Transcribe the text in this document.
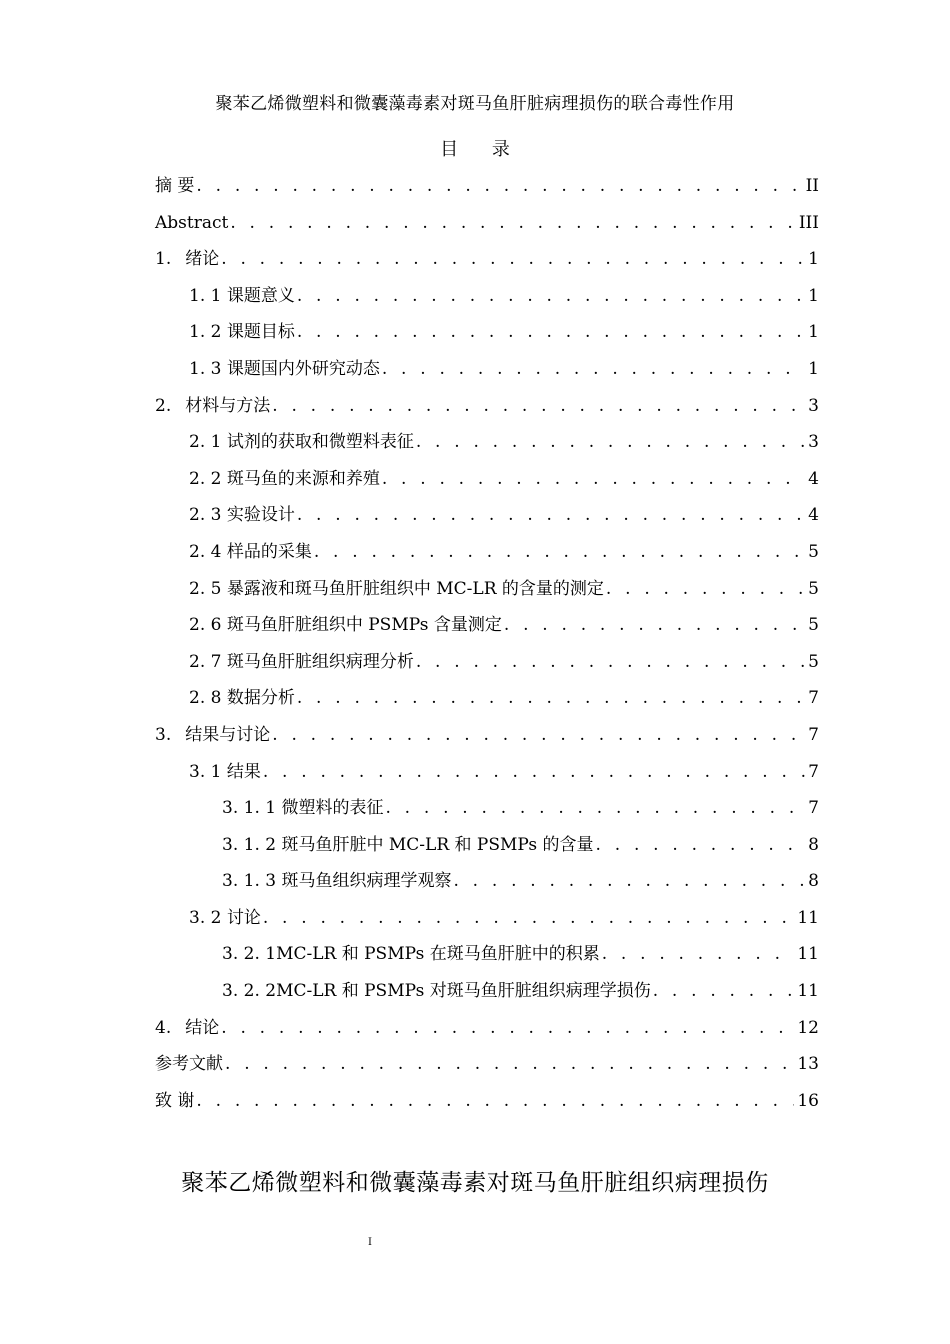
聚苯乙烯微塑料和微囊藻毒素对斑马鱼肝脏病理损伤的联合毒性作用
目 录
摘 要 . . .	II
Abstract . . .	III
1. 绪论 . . .	1
1. 1 课题意义 . . .	1
1. 2 课题目标 . . .	1
1. 3 课题国内外研究动态 . . .	1
2. 材料与方法 . . .	3
2. 1 试剂的获取和微塑料表征 . . .	3
2. 2 斑马鱼的来源和养殖 . . .	4
2. 3 实验设计 . . .	4
2. 4 样品的采集 . . .	5
2. 5 暴露液和斑马鱼肝脏组织中 MC-LR 的含量的测定 . . .	5
2. 6 斑马鱼肝脏组织中 PSMPs 含量测定 . . .	5
2. 7 斑马鱼肝脏组织病理分析 . . .	5
2. 8 数据分析 . . .	7
3. 结果与讨论 . . .	7
3. 1 结果 . . .	7
3. 1. 1 微塑料的表征 . . .	7
3. 1. 2 斑马鱼肝脏中 MC-LR 和 PSMPs 的含量 . . .	8
3. 1. 3 斑马鱼组织病理学观察 . . .	8
3. 2 讨论 . . .	11
3. 2. 1MC-LR 和 PSMPs 在斑马鱼肝脏中的积累 . . .	11
3. 2. 2MC-LR 和 PSMPs 对斑马鱼肝脏组织病理学损伤 . . .	11
4. 结论 . . .	12
参考文献 . . .	13
致 谢 . . .	16
聚苯乙烯微塑料和微囊藻毒素对斑马鱼肝脏组织病理损伤
I
